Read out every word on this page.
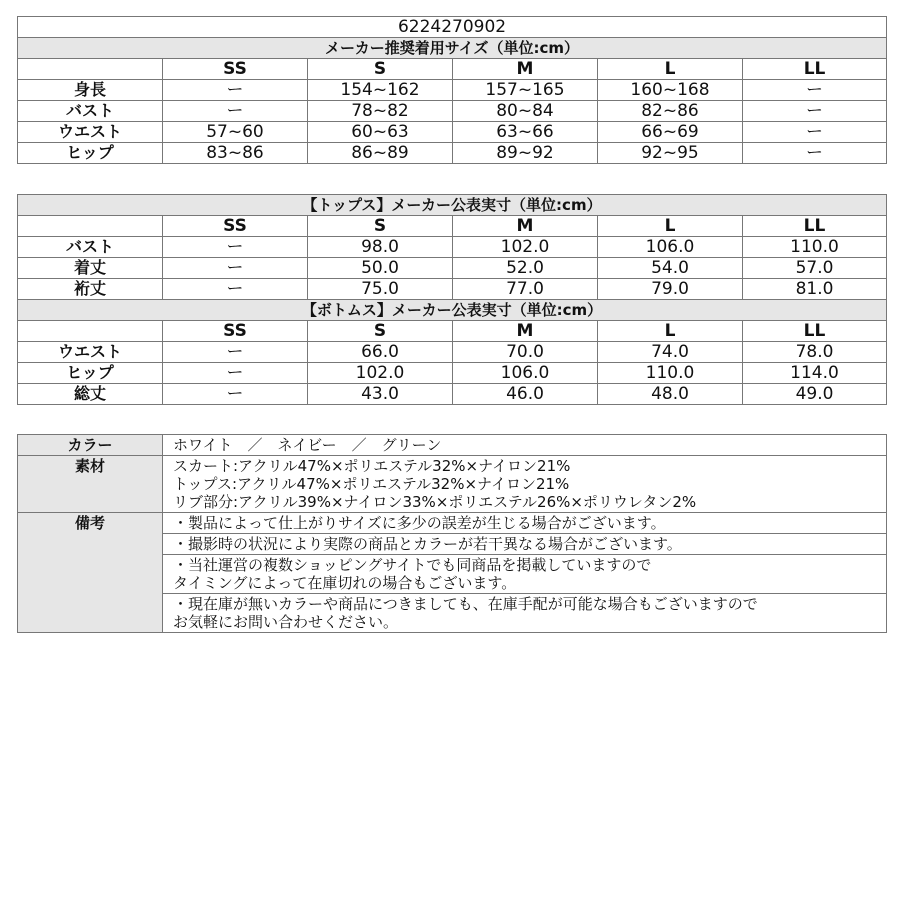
6224270902					
メーカー推奨着用サイズ（単位:cm）					
	SS	S	M	L	LL
身長	ー	154~162	157~165	160~168	ー
バスト	ー	78~82	80~84	82~86	ー
ウエスト	57~60	60~63	63~66	66~69	ー
ヒップ	83~86	86~89	89~92	92~95	ー
【トップス】メーカー公表実寸（単位:cm）					
	SS	S	M	L	LL
バスト	ー	98.0	102.0	106.0	110.0
着丈	ー	50.0	52.0	54.0	57.0
裄丈	ー	75.0	77.0	79.0	81.0
【ボトムス】メーカー公表実寸（単位:cm）					
	SS	S	M	L	LL
ウエスト	ー	66.0	70.0	74.0	78.0
ヒップ	ー	102.0	106.0	110.0	114.0
総丈	ー	43.0	46.0	48.0	49.0
カラー	ホワイト　／　ネイビー　／　グリーン
素材	スカート:アクリル47%×ポリエステル32%×ナイロン21%
トップス:アクリル47%×ポリエステル32%×ナイロン21%
リブ部分:アクリル39%×ナイロン33%×ポリエステル26%×ポリウレタン2%

備考	・製品によって仕上がりサイズに多少の誤差が生じる場合がございます。
	・撮影時の状況により実際の商品とカラーが若干異なる場合がございます。

	・当社運営の複数ショッピングサイトでも同商品を掲載していますので
タイミングによって在庫切れの場合もございます。

	・現在庫が無いカラーや商品につきましても、在庫手配が可能な場合もございますので
お気軽にお問い合わせください。
